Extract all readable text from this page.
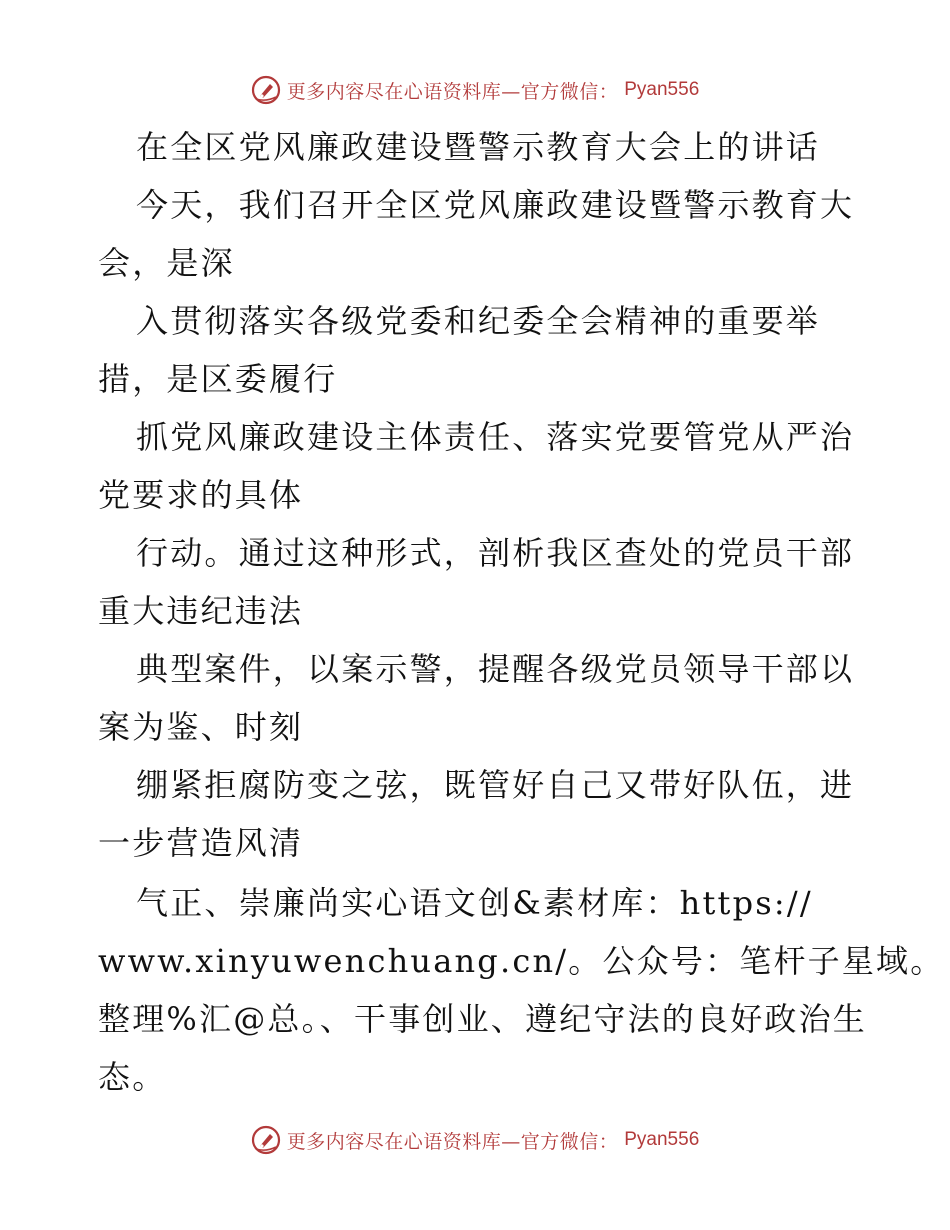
更多内容尽在心语资料库—官方微信： Pyan556
在全区党风廉政建设暨警示教育大会上的讲话
今天，我们召开全区党风廉政建设暨警示教育大
会，是深
入贯彻落实各级党委和纪委全会精神的重要举
措，是区委履行
抓党风廉政建设主体责任、落实党要管党从严治
党要求的具体
行动。通过这种形式，剖析我区查处的党员干部
重大违纪违法
典型案件，以案示警，提醒各级党员领导干部以
案为鉴、时刻
绷紧拒腐防变之弦，既管好自己又带好队伍，进
一步营造风清
气正、崇廉尚实心语文创&素材库：https://
www.xinyuwenchuang.cn/。公众号：笔杆子星域。
整理%汇@总。、干事创业、遵纪守法的良好政治生
态。
更多内容尽在心语资料库—官方微信： Pyan556
